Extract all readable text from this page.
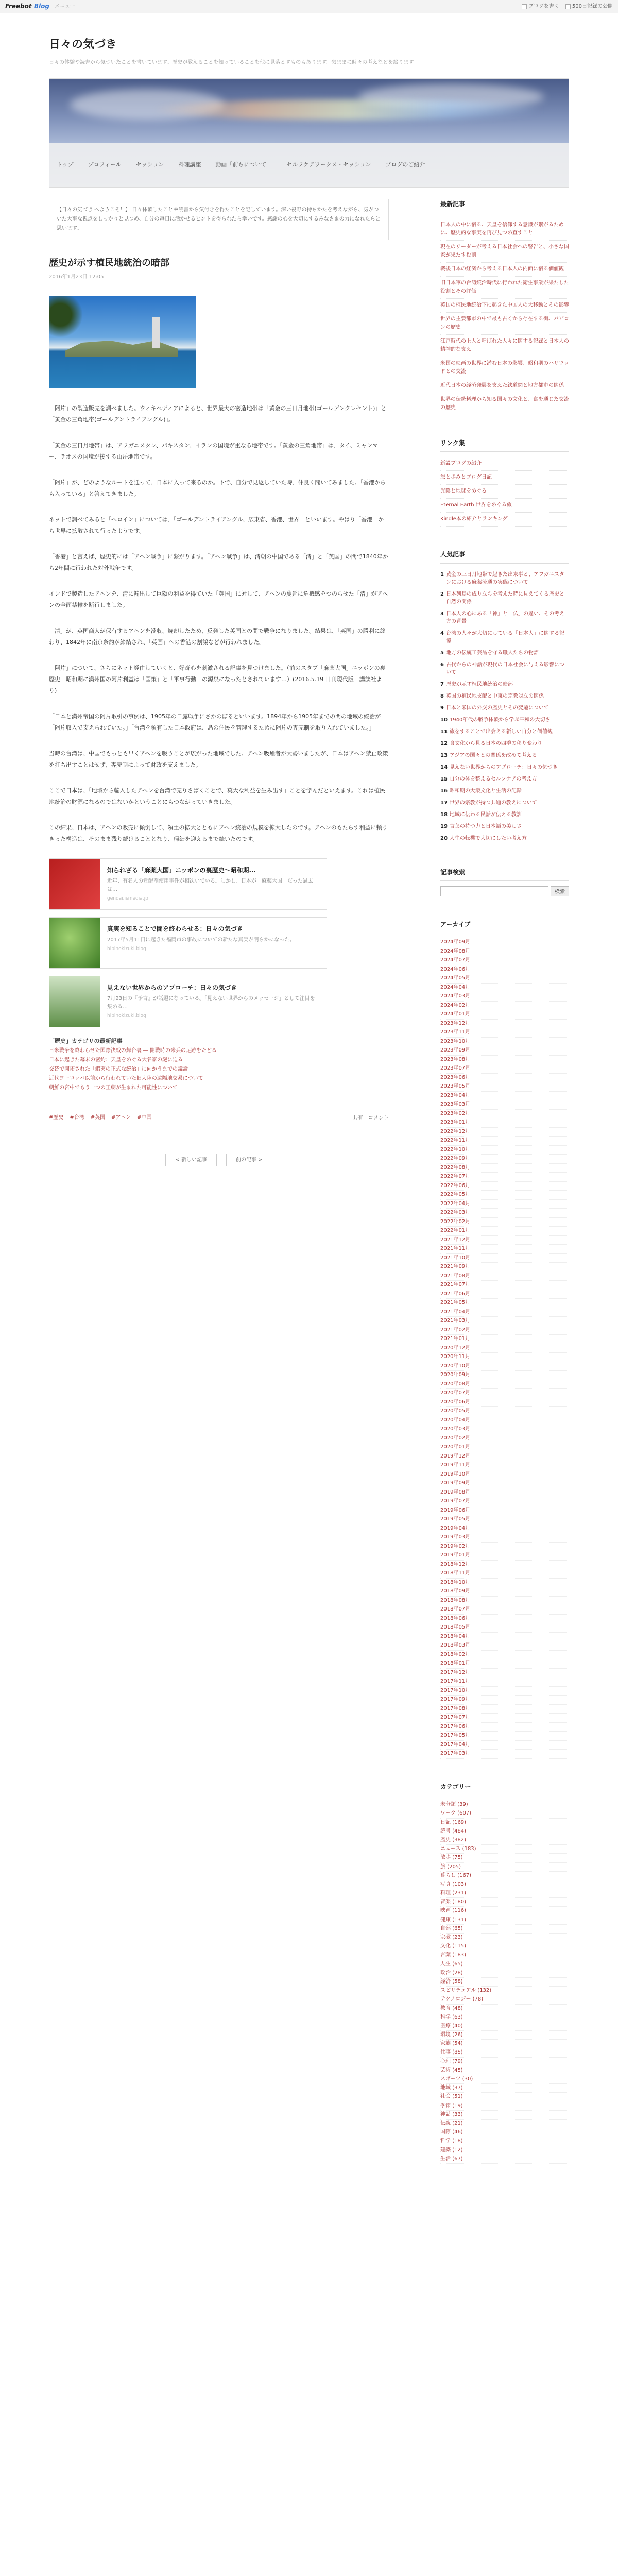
Freebot Blog メニュー	ブログを書く	500日記録の公開
日々の気づき
日々の体験や読書から気づいたことを書いています。歴史が教えることを知っていることを他に見落とすものもあります。気ままに時々の考えなどを綴ります。
トップ	プロフィール	セッション	料理講座	動画「前ちについて」	セルフケアワークス・セッション	ブログのご紹介
【日々の気づき へようこそ！】 日々体験したことや読書から気付きを得たことを記しています。深い視野の持ちかたを考えながら、気がついた大事な視点をしっかりと見つめ、自分の毎日に活かせるヒントを得られたら幸いです。感謝の心を大切にするみなさまの力になれたらと思います。
歴史が示す植民地統治の暗部
2016年1月23日 12:05

「阿片」の製造販売を調べました。ウィキペディアによると、世界最大の密造地帯は「黄金の三日月地帯(ゴールデンクレセント)」と「黄金の三角地帯(ゴールデントライアングル)」。

「黄金の三日月地帯」は、アフガニスタン、パキスタン、イランの国境が重なる地帯です。「黄金の三角地帯」は、タイ、ミャンマー、ラオスの国境が接する山岳地帯です。

「阿片」が、どのようなルートを通って、日本に入って来るのか。下で、自分で見返していた時、仲良く聞いてみました。「香港からも入っている」と答えてきました。

ネットで調べてみると「ヘロイン」については、「ゴールデントライアングル、広東省、香港、世界」といいます。やはり「香港」から世界に拡散されて行ったようです。

「香港」と言えば、歴史的には「アヘン戦争」に繋がります。「アヘン戦争」は、清朝の中国である「清」と「英国」の間で1840年から2年間に行われた対外戦争です。

インドで製造したアヘンを、清に輸出して巨額の利益を得ていた「英国」に対して、アヘンの蔓延に危機感をつのらせた「清」がアヘンの全面禁輸を断行しました。

「清」が、英国商人が保有するアヘンを没収、焼却したため、反発した英国との間で戦争になりました。結果は、「英国」の勝利に終わり、1842年に南京条約が締結され、「英国」への香港の割譲などが行われました。

「阿片」について、さらにネット経由していくと、好奇心を刺激される記事を見つけました。（前のスタブ「麻薬大国」ニッポンの裏歴史一昭和期に満州国の阿片利益は「国策」と「軍事行動」の源泉になったとされています…）(2016.5.19 日刊現代版　講談社より)

「日本と満州帝国の阿片取引の事例は、1905年の日露戦争にさかのぼるといいます。1894年から1905年までの間の地域の統治が「阿片収入で支えられていた。」「台湾を領有した日本政府は、島の住民を管理するために阿片の専売制を取り入れていました。」

当時の台湾は、中国でもっとも早くアヘンを吸うことが広がった地域でした。アヘン吸煙者が大勢いましたが、日本はアヘン禁止政策を打ち出すことはせず、専売制によって財政を支えました。

ここで日本は、「地域から輸入したアヘンを台湾で売りさばくことで、莫大な利益を生み出す」ことを学んだといえます。これは植民地統治の財源になるのではないかということにもつながっていきました。

この結果、日本は、アヘンの販売に傾倒して、領土の拡大とともにアヘン統治の規模を拡大したのです。アヘンのもたらす利益に頼りきった構造は、そのまま残り続けることとなり、帰結を迎えるまで続いたのです。

知られざる「麻薬大国」ニッポンの裏歴史〜昭和期...
近年、有名人の覚醒剤使用事件が相次いでいる。しかし、日本が「麻薬大国」だった過去は…
gendai.ismedia.jp
真実を知ることで闇を終わらせる：日々の気づき
2017年5月11日に起きた福岡市の事故についての新たな真実が明らかになった。
hibinokizuki.blog
見えない世界からのアプローチ：日々の気づき
7月23日の『予言』が話題になっている。「見えない世界からのメッセージ」として注目を集める…
hibinokizuki.blog
「歴史」カテゴリの最新記事
日米戦争を終わらせた国際決戦の舞台裏 ― 開戦時の米兵の足跡をたどる
日本に起きた幕末の密約：天皇をめぐる大名家の謎に迫る
交替で開拓された「蝦夷の正式な統治」に向かうまでの議論
近代ヨーロッパ以前から行われていた旧大陸の遠隔地交易について
朝鮮の宮中でもう一つの王朝が生まれた可能性について
#歴史 #台湾 #英国 #アヘン #中国	共有 コメント
< 新しい記事	前の記事 >
最新記事
日本人の中に宿る、天皇を信仰する意識が繋がるために、歴史的な事実を再び見つめ直すこと
現在のリーダーが考える日本社会への警告と、小さな国家が果たす役割
戦後日本の経済から考える日本人の内面に宿る価値観
旧日本軍の台湾統治時代に行われた衛生事業が果たした役割とその評価
英国の植民地統治下に起きた中国人の大移動とその影響
世界の主要都市の中で最も古くから存在する街、バビロンの歴史
江戸時代の上人と呼ばれた人々に関する記録と日本人の精神的な支え
米国の映画の世界に潜む日本の影響、昭和期のハリウッドとの交流
近代日本の経済発展を支えた鉄道網と地方都市の関係
世界の伝統料理から知る国々の文化と、食を通じた交流の歴史
リンク集
新設ブログの紹介
旅と歩みとブログ日記
光陰と地球をめぐる
Eternal Earth 世界をめぐる旅
Kindle本の紹介とランキング
人気記事
1 黄金の三日月地帯で起きた出来事と、アフガニスタンにおける麻薬流通の実態について
2 日本列島の成り立ちを考えた時に見えてくる歴史と自然の関係
3 日本人の心にある「神」と「仏」の違い、その考え方の背景
4 台湾の人々が大切にしている「日本人」に関する記憶
5 地方の伝統工芸品を守る職人たちの物語
6 古代からの神話が現代の日本社会に与える影響について
7 歴史が示す植民地統治の暗部
8 英国の植民地支配と中東の宗教対立の関係
9 日本と米国の外交の歴史とその変遷について
10 1940年代の戦争体験から学ぶ平和の大切さ
11 旅をすることで出会える新しい自分と価値観
12 食文化から見る日本の四季の移り変わり
13 アジアの国々との関係を改めて考える
14 見えない世界からのアプローチ：日々の気づき
15 自分の体を整えるセルフケアの考え方
16 昭和期の大衆文化と生活の記録
17 世界の宗教が持つ共通の教えについて
18 地域に伝わる民話が伝える教訓
19 言葉の持つ力と日本語の美しさ
20 人生の転機で大切にしたい考え方
記事検索
検索
アーカイブ
2024年09月
2024年08月
2024年07月
2024年06月
2024年05月
2024年04月
2024年03月
2024年02月
2024年01月
2023年12月
2023年11月
2023年10月
2023年09月
2023年08月
2023年07月
2023年06月
2023年05月
2023年04月
2023年03月
2023年02月
2023年01月
2022年12月
2022年11月
2022年10月
2022年09月
2022年08月
2022年07月
2022年06月
2022年05月
2022年04月
2022年03月
2022年02月
2022年01月
2021年12月
2021年11月
2021年10月
2021年09月
2021年08月
2021年07月
2021年06月
2021年05月
2021年04月
2021年03月
2021年02月
2021年01月
2020年12月
2020年11月
2020年10月
2020年09月
2020年08月
2020年07月
2020年06月
2020年05月
2020年04月
2020年03月
2020年02月
2020年01月
2019年12月
2019年11月
2019年10月
2019年09月
2019年08月
2019年07月
2019年06月
2019年05月
2019年04月
2019年03月
2019年02月
2019年01月
2018年12月
2018年11月
2018年10月
2018年09月
2018年08月
2018年07月
2018年06月
2018年05月
2018年04月
2018年03月
2018年02月
2018年01月
2017年12月
2017年11月
2017年10月
2017年09月
2017年08月
2017年07月
2017年06月
2017年05月
2017年04月
2017年03月
カテゴリー
未分類 (39)
ワーク (607)
日記 (169)
読書 (484)
歴史 (382)
ニュース (183)
散歩 (75)
旅 (205)
暮らし (167)
写真 (103)
料理 (231)
音楽 (180)
映画 (116)
健康 (131)
自然 (65)
宗教 (23)
文化 (115)
言葉 (183)
人生 (65)
政治 (28)
経済 (58)
スピリチュアル (132)
テクノロジー (78)
教育 (48)
科学 (63)
医療 (40)
環境 (26)
家族 (54)
仕事 (85)
心理 (79)
芸術 (45)
スポーツ (30)
地域 (37)
社会 (51)
季節 (19)
神話 (33)
伝統 (21)
国際 (46)
哲学 (18)
建築 (12)
生活 (67)
